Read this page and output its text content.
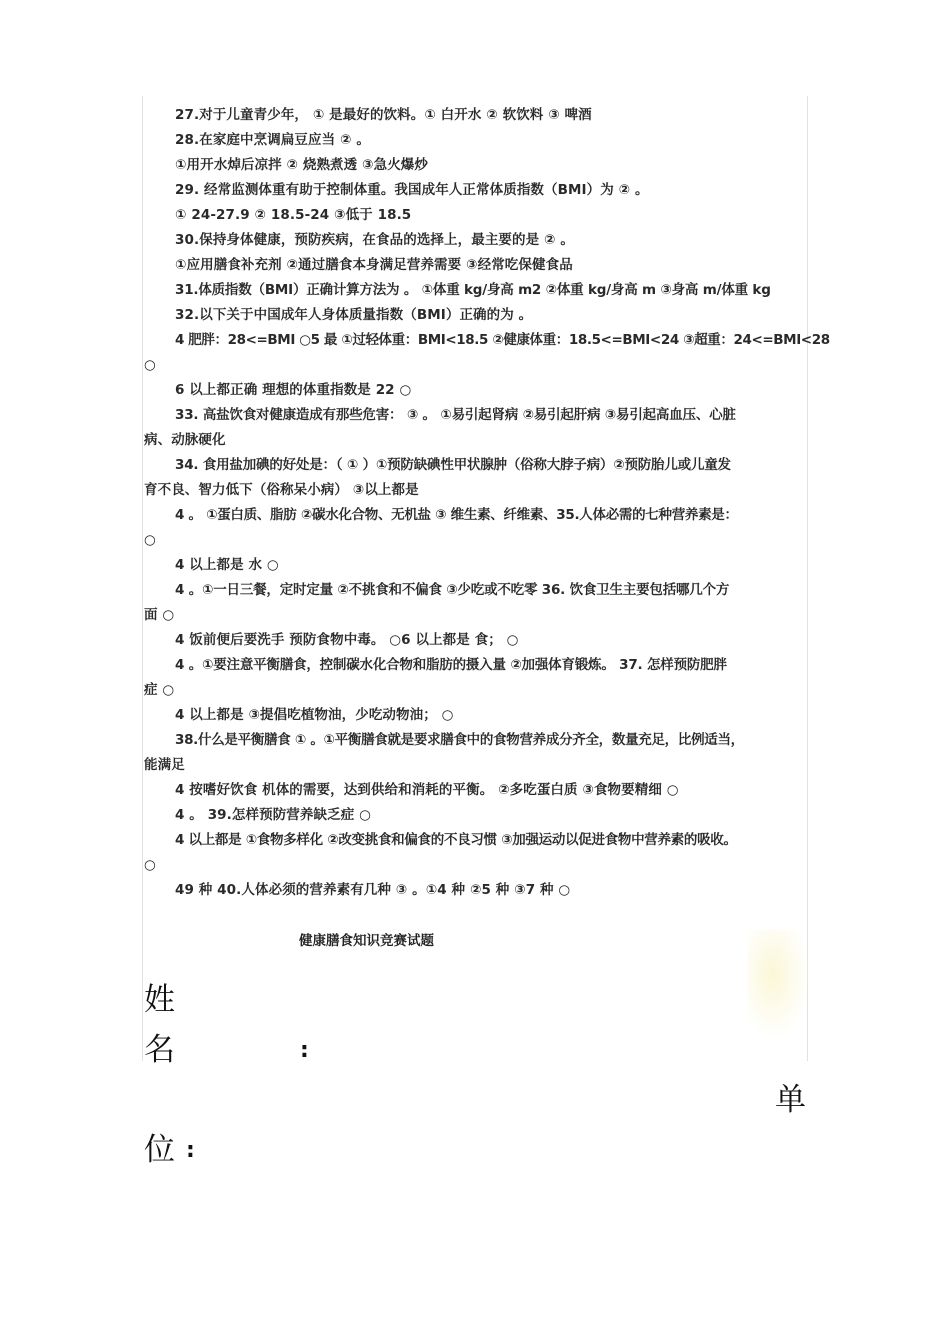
27.对于儿童青少年， ① 是最好的饮料。① 白开水 ② 软饮料 ③ 啤酒
28.在家庭中烹调扁豆应当 ② 。
①用开水焯后凉拌 ② 烧熟煮透 ③急火爆炒
29. 经常监测体重有助于控制体重。我国成年人正常体质指数（BMI）为 ② 。
① 24-27.9 ② 18.5-24 ③低于 18.5
30.保持身体健康，预防疾病，在食品的选择上，最主要的是 ② 。
①应用膳食补充剂 ②通过膳食本身满足营养需要 ③经常吃保健食品
31.体质指数（BMI）正确计算方法为 。 ①体重 kg/身高 m2 ②体重 kg/身高 m ③身高 m/体重 kg
32.以下关于中国成年人身体质量指数（BMI）正确的为 。
4 肥胖：28<=BMI ○5 最 ①过轻体重：BMI<18.5 ②健康体重：18.5<=BMI<24 ③超重：24<=BMI<28
○
6 以上都正确 理想的体重指数是 22 ○
33. 高盐饮食对健康造成有那些危害： ③ 。 ①易引起肾病 ②易引起肝病 ③易引起高血压、心脏
病、动脉硬化
34. 食用盐加碘的好处是：（ ① ）①预防缺碘性甲状腺肿（俗称大脖子病）②预防胎儿或儿童发
育不良、智力低下（俗称呆小病） ③以上都是
4 。 ①蛋白质、脂肪 ②碳水化合物、无机盐 ③ 维生素、纤维素、35.人体必需的七种营养素是：
○
4 以上都是 水 ○
4 。①一日三餐，定时定量 ②不挑食和不偏食 ③少吃或不吃零 36. 饮食卫生主要包括哪几个方
面 ○
4 饭前便后要洗手 预防食物中毒。 ○6 以上都是 食； ○
4 。①要注意平衡膳食，控制碳水化合物和脂肪的摄入量 ②加强体育锻炼。 37. 怎样预防肥胖
症 ○
4 以上都是 ③提倡吃植物油，少吃动物油； ○
38.什么是平衡膳食 ① 。①平衡膳食就是要求膳食中的食物营养成分齐全，数量充足，比例适当，
能满足
4 按嗜好饮食 机体的需要，达到供给和消耗的平衡。 ②多吃蛋白质 ③食物要精细 ○
4 。 39.怎样预防营养缺乏症 ○
4 以上都是 ①食物多样化 ②改变挑食和偏食的不良习惯 ③加强运动以促进食物中营养素的吸收。
○
49 种 40.人体必须的营养素有几种 ③ 。①4 种 ②5 种 ③7 种 ○
健康膳食知识竞赛试题
姓
名	:
单
位 :
